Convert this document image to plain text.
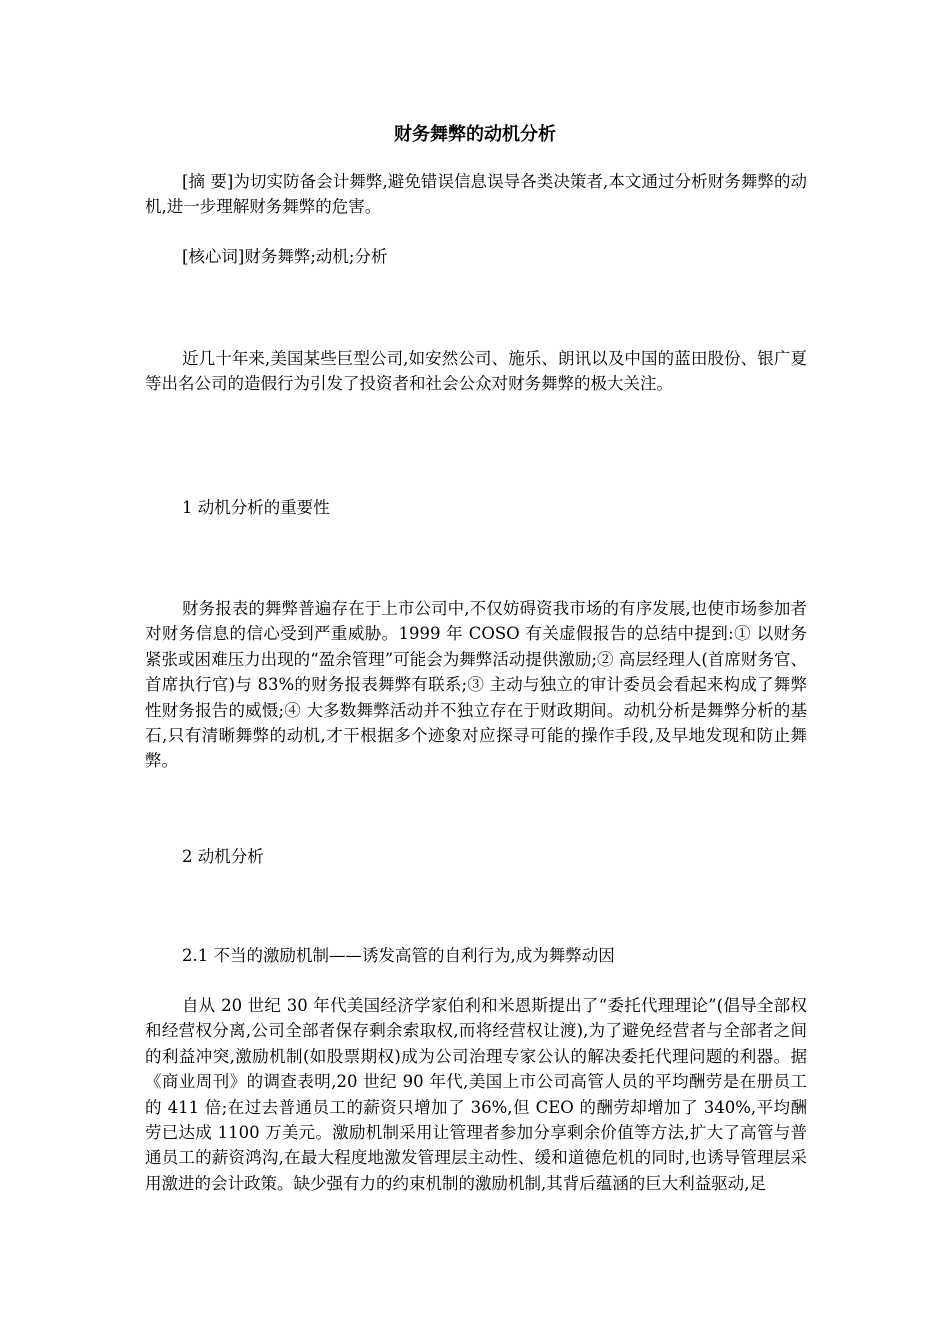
财务舞弊的动机分析

[摘 要]为切实防备会计舞弊,避免错误信息误导各类决策者,本文通过分析财务舞弊的动机,进一步理解财务舞弊的危害。

[核心词]财务舞弊;动机;分析

近几十年来,美国某些巨型公司,如安然公司、施乐、朗讯以及中国的蓝田股份、银广夏等出名公司的造假行为引发了投资者和社会公众对财务舞弊的极大关注。

1 动机分析的重要性

财务报表的舞弊普遍存在于上市公司中,不仅妨碍资我市场的有序发展,也使市场参加者对财务信息的信心受到严重威胁。1999 年 COSO 有关虚假报告的总结中提到:① 以财务紧张或困难压力出现的“盈余管理”可能会为舞弊活动提供激励;② 高层经理人(首席财务官、首席执行官)与 83%的财务报表舞弊有联系;③ 主动与独立的审计委员会看起来构成了舞弊性财务报告的威慑;④ 大多数舞弊活动并不独立存在于财政期间。动机分析是舞弊分析的基石,只有清晰舞弊的动机,才干根据多个迹象对应探寻可能的操作手段,及早地发现和防止舞弊。

2 动机分析

2.1 不当的激励机制——诱发高管的自利行为,成为舞弊动因

自从 20 世纪 30 年代美国经济学家伯利和米恩斯提出了“委托代理理论”(倡导全部权和经营权分离,公司全部者保存剩余索取权,而将经营权让渡),为了避免经营者与全部者之间的利益冲突,激励机制(如股票期权)成为公司治理专家公认的解决委托代理问题的利器。据《商业周刊》的调查表明,20 世纪 90 年代,美国上市公司高管人员的平均酬劳是在册员工的 411 倍;在过去普通员工的薪资只增加了 36%,但 CEO 的酬劳却增加了 340%,平均酬劳已达成 1100 万美元。激励机制采用让管理者参加分享剩余价值等方法,扩大了高管与普通员工的薪资鸿沟,在最大程度地激发管理层主动性、缓和道德危机的同时,也诱导管理层采用激进的会计政策。缺少强有力的约束机制的激励机制,其背后蕴涵的巨大利益驱动,足
